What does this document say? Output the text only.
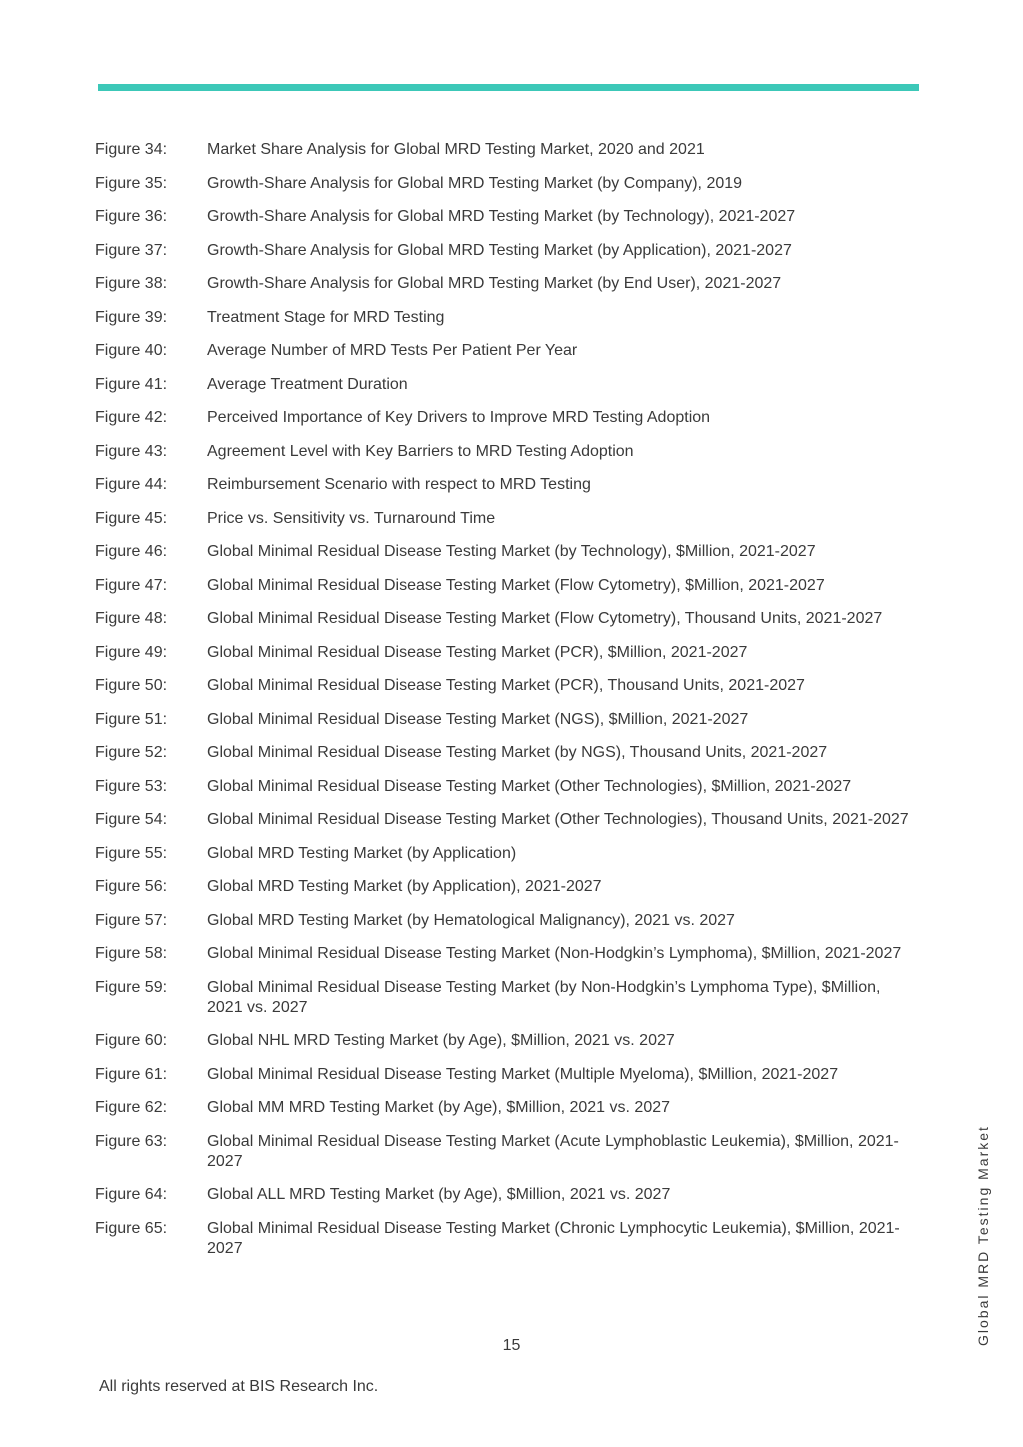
Figure 34:	Market Share Analysis for Global MRD Testing Market, 2020 and 2021
Figure 35:	Growth-Share Analysis for Global MRD Testing Market (by Company), 2019
Figure 36:	Growth-Share Analysis for Global MRD Testing Market (by Technology), 2021-2027
Figure 37:	Growth-Share Analysis for Global MRD Testing Market (by Application), 2021-2027
Figure 38:	Growth-Share Analysis for Global MRD Testing Market (by End User), 2021-2027
Figure 39:	Treatment Stage for MRD Testing
Figure 40:	Average Number of MRD Tests Per Patient Per Year
Figure 41:	Average Treatment Duration
Figure 42:	Perceived Importance of Key Drivers to Improve MRD Testing Adoption
Figure 43:	Agreement Level with Key Barriers to MRD Testing Adoption
Figure 44:	Reimbursement Scenario with respect to MRD Testing
Figure 45:	Price vs. Sensitivity vs. Turnaround Time
Figure 46:	Global Minimal Residual Disease Testing Market (by Technology), $Million, 2021-2027
Figure 47:	Global Minimal Residual Disease Testing Market (Flow Cytometry), $Million, 2021-2027
Figure 48:	Global Minimal Residual Disease Testing Market (Flow Cytometry), Thousand Units, 2021-2027
Figure 49:	Global Minimal Residual Disease Testing Market (PCR), $Million, 2021-2027
Figure 50:	Global Minimal Residual Disease Testing Market (PCR), Thousand Units, 2021-2027
Figure 51:	Global Minimal Residual Disease Testing Market (NGS), $Million, 2021-2027
Figure 52:	Global Minimal Residual Disease Testing Market (by NGS), Thousand Units, 2021-2027
Figure 53:	Global Minimal Residual Disease Testing Market (Other Technologies), $Million, 2021-2027
Figure 54:	Global Minimal Residual Disease Testing Market (Other Technologies), Thousand Units, 2021-2027
Figure 55:	Global MRD Testing Market (by Application)
Figure 56:	Global MRD Testing Market (by Application), 2021-2027
Figure 57:	Global MRD Testing Market (by Hematological Malignancy), 2021 vs. 2027
Figure 58:	Global Minimal Residual Disease Testing Market (Non-Hodgkin’s Lymphoma), $Million, 2021-2027
Figure 59:	Global Minimal Residual Disease Testing Market (by Non-Hodgkin’s Lymphoma Type), $Million, 2021 vs. 2027
Figure 60:	Global NHL MRD Testing Market (by Age), $Million, 2021 vs. 2027
Figure 61:	Global Minimal Residual Disease Testing Market (Multiple Myeloma), $Million, 2021-2027
Figure 62:	Global MM MRD Testing Market (by Age), $Million, 2021 vs. 2027
Figure 63:	Global Minimal Residual Disease Testing Market (Acute Lymphoblastic Leukemia), $Million, 2021-2027
Figure 64:	Global ALL MRD Testing Market (by Age), $Million, 2021 vs. 2027
Figure 65:	Global Minimal Residual Disease Testing Market (Chronic Lymphocytic Leukemia), $Million, 2021-2027
15
All rights reserved at BIS Research Inc.
Global MRD Testing Market
